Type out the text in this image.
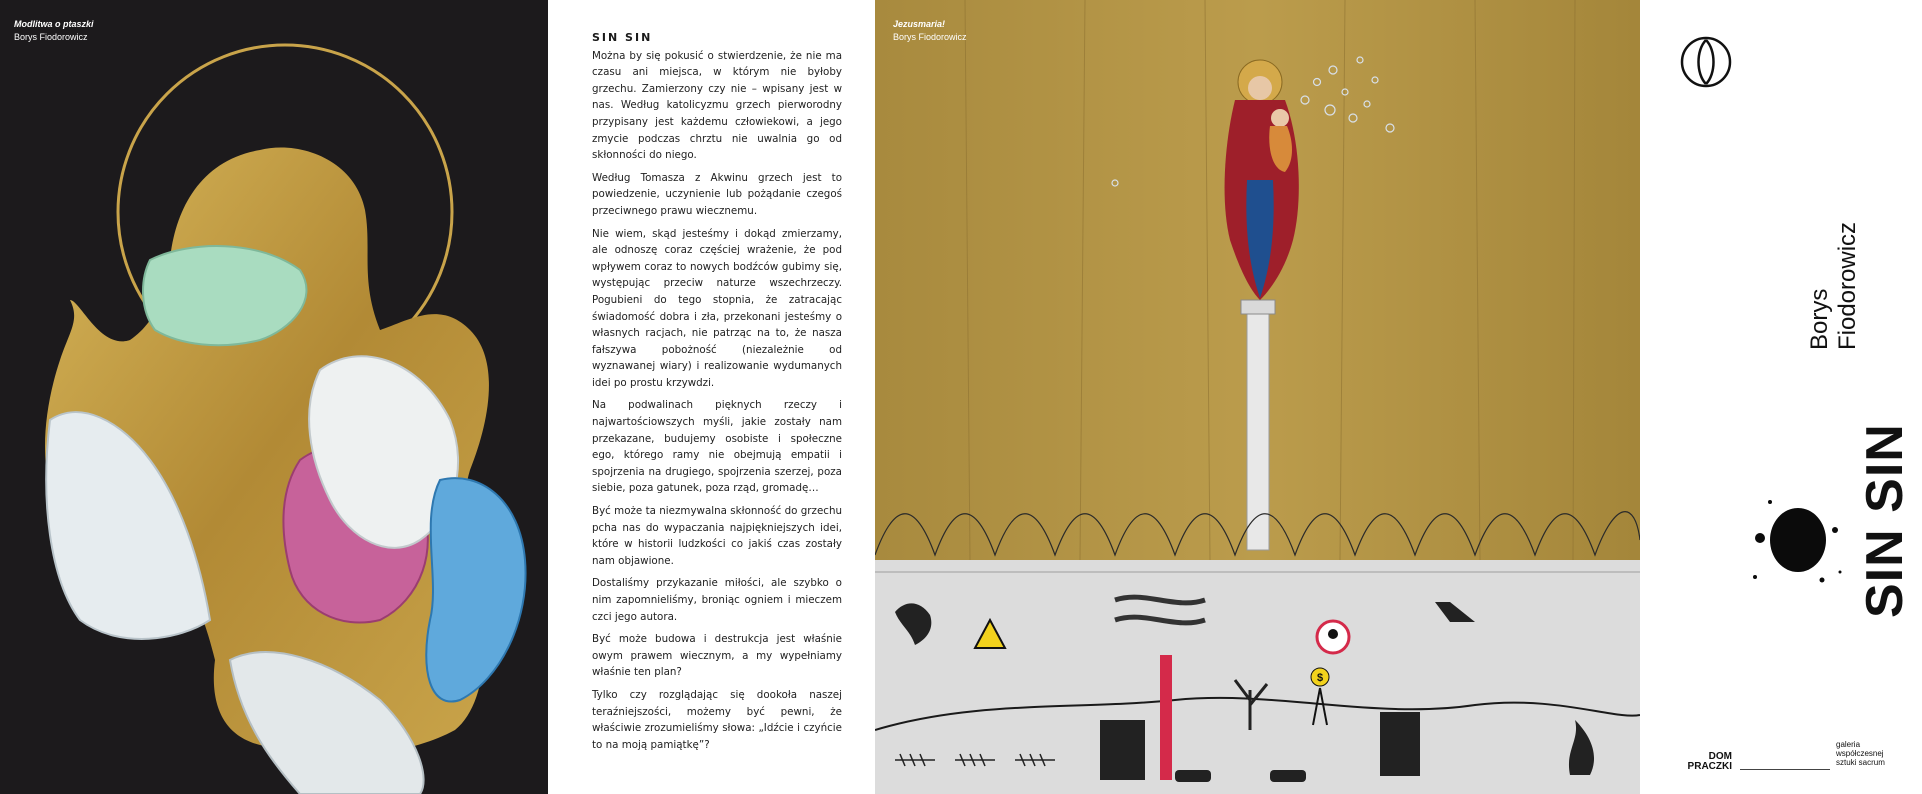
Modlitwa o ptaszki
Borys Fiodorowicz	SIN SIN

Można by się pokusić o stwierdzenie, że nie ma czasu ani miejsca, w którym nie byłoby grzechu. Zamierzony czy nie – wpisany jest w nas. Według katolicyzmu grzech pierworodny przypisany jest każdemu człowiekowi, a jego zmycie podczas chrztu nie uwalnia go od skłonności do niego.

Według Tomasza z Akwinu grzech jest to powiedzenie, uczynienie lub pożądanie czegoś przeciwnego prawu wiecznemu.

Nie wiem, skąd jesteśmy i dokąd zmierzamy, ale odnoszę coraz częściej wrażenie, że pod wpływem coraz to nowych bodźców gubimy się, występując przeciw naturze wszechrzeczy. Pogubieni do tego stopnia, że zatracając świadomość dobra i zła, przekonani jesteśmy o własnych racjach, nie patrząc na to, że nasza fałszywa pobożność (niezależnie od wyznawanej wiary) i realizowanie wydumanych idei po prostu krzywdzi.

Na podwalinach pięknych rzeczy i najwartościowszych myśli, jakie zostały nam przekazane, budujemy osobiste i społeczne ego, którego ramy nie obejmują empatii i spojrzenia na drugiego, spojrzenia szerzej, poza siebie, poza gatunek, poza rząd, gromadę…

Być może ta niezmywalna skłonność do grzechu pcha nas do wypaczania najpiękniejszych idei, które w historii ludzkości co jakiś czas zostały nam objawione.

Dostaliśmy przykazanie miłości, ale szybko o nim zapomnieliśmy, broniąc ogniem i mieczem czci jego autora.

Być może budowa i destrukcja jest właśnie owym prawem wiecznym, a my wypełniamy właśnie ten plan?

Tylko czy rozglądając się dookoła naszej teraźniejszości, możemy być pewni, że właściwie zrozumieliśmy słowa: „Idźcie i czyńcie to na moją pamiątkę”?

$
Jezusmaria!
Borys Fiodorowicz
Borys Fiodorowicz
SIN SIN
DOM
PRACZKI
galeria
współczesnej
sztuki sacrum
